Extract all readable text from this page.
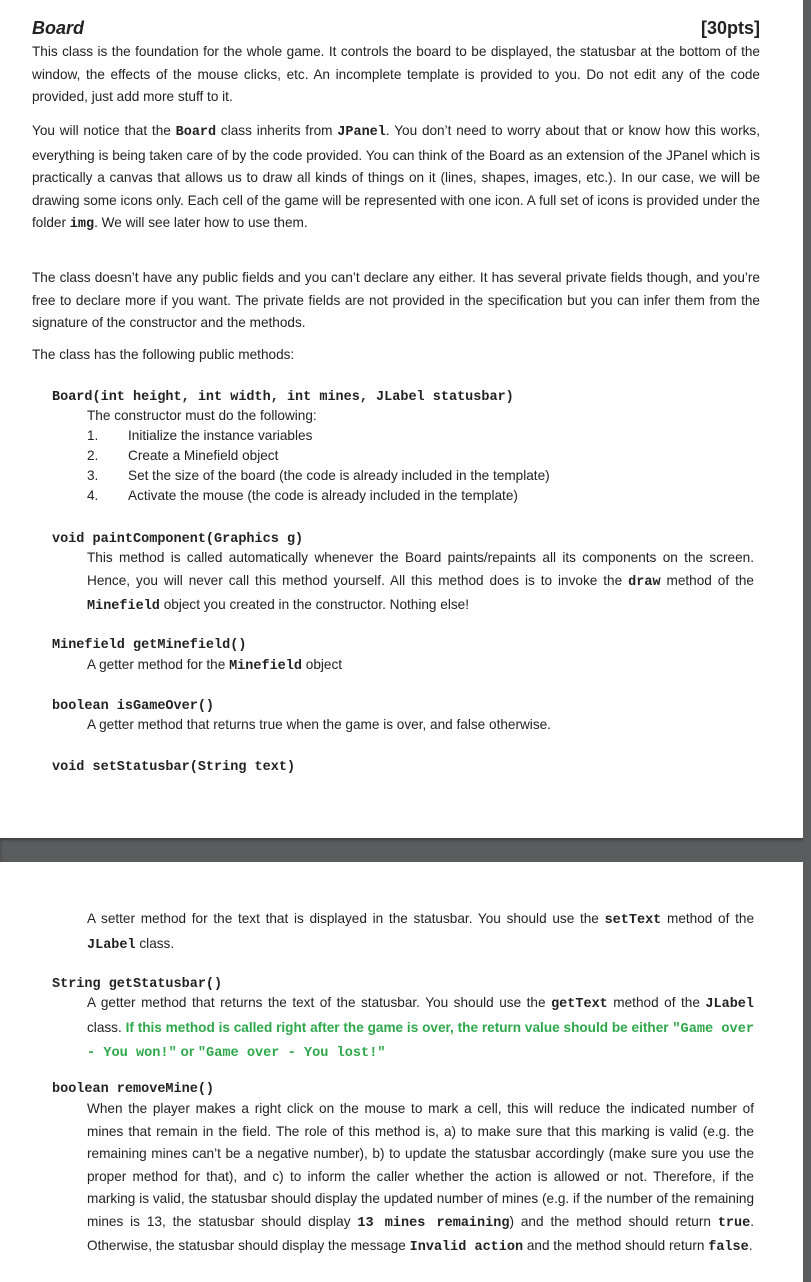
Board	[30pts]

This class is the foundation for the whole game. It controls the board to be displayed, the statusbar at the bottom of the window, the effects of the mouse clicks, etc. An incomplete template is provided to you. Do not edit any of the code provided, just add more stuff to it.

You will notice that the Board class inherits from JPanel. You don’t need to worry about that or know how this works, everything is being taken care of by the code provided. You can think of the Board as an extension of the JPanel which is practically a canvas that allows us to draw all kinds of things on it (lines, shapes, images, etc.). In our case, we will be drawing some icons only. Each cell of the game will be represented with one icon. A full set of icons is provided under the folder img. We will see later how to use them.

The class doesn’t have any public fields and you can’t declare any either. It has several private fields though, and you’re free to declare more if you want. The private fields are not provided in the specification but you can infer them from the signature of the constructor and the methods.

The class has the following public methods:

Board(int height, int width, int mines, JLabel statusbar)

The constructor must do the following:

1.	Initialize the instance variables
2.	Create a Minefield object
3.	Set the size of the board (the code is already included in the template)
4.	Activate the mouse (the code is already included in the template)
void paintComponent(Graphics g)

This method is called automatically whenever the Board paints/repaints all its components on the screen. Hence, you will never call this method yourself. All this method does is to invoke the draw method of the Minefield object you created in the constructor. Nothing else!

Minefield getMinefield()

A getter method for the Minefield object

boolean isGameOver()

A getter method that returns true when the game is over, and false otherwise.

void setStatusbar(String text)

A setter method for the text that is displayed in the statusbar. You should use the setText method of the JLabel class.

String getStatusbar()

A getter method that returns the text of the statusbar. You should use the getText method of the JLabel class. If this method is called right after the game is over, the return value should be either "Game over - You won!" or "Game over - You lost!"

boolean removeMine()

When the player makes a right click on the mouse to mark a cell, this will reduce the indicated number of mines that remain in the field. The role of this method is, a) to make sure that this marking is valid (e.g. the remaining mines can’t be a negative number), b) to update the statusbar accordingly (make sure you use the proper method for that), and c) to inform the caller whether the action is allowed or not. Therefore, if the marking is valid, the statusbar should display the updated number of mines (e.g. if the number of the remaining mines is 13, the statusbar should display 13 mines remaining) and the method should return true. Otherwise, the statusbar should display the message Invalid action and the method should return false.
